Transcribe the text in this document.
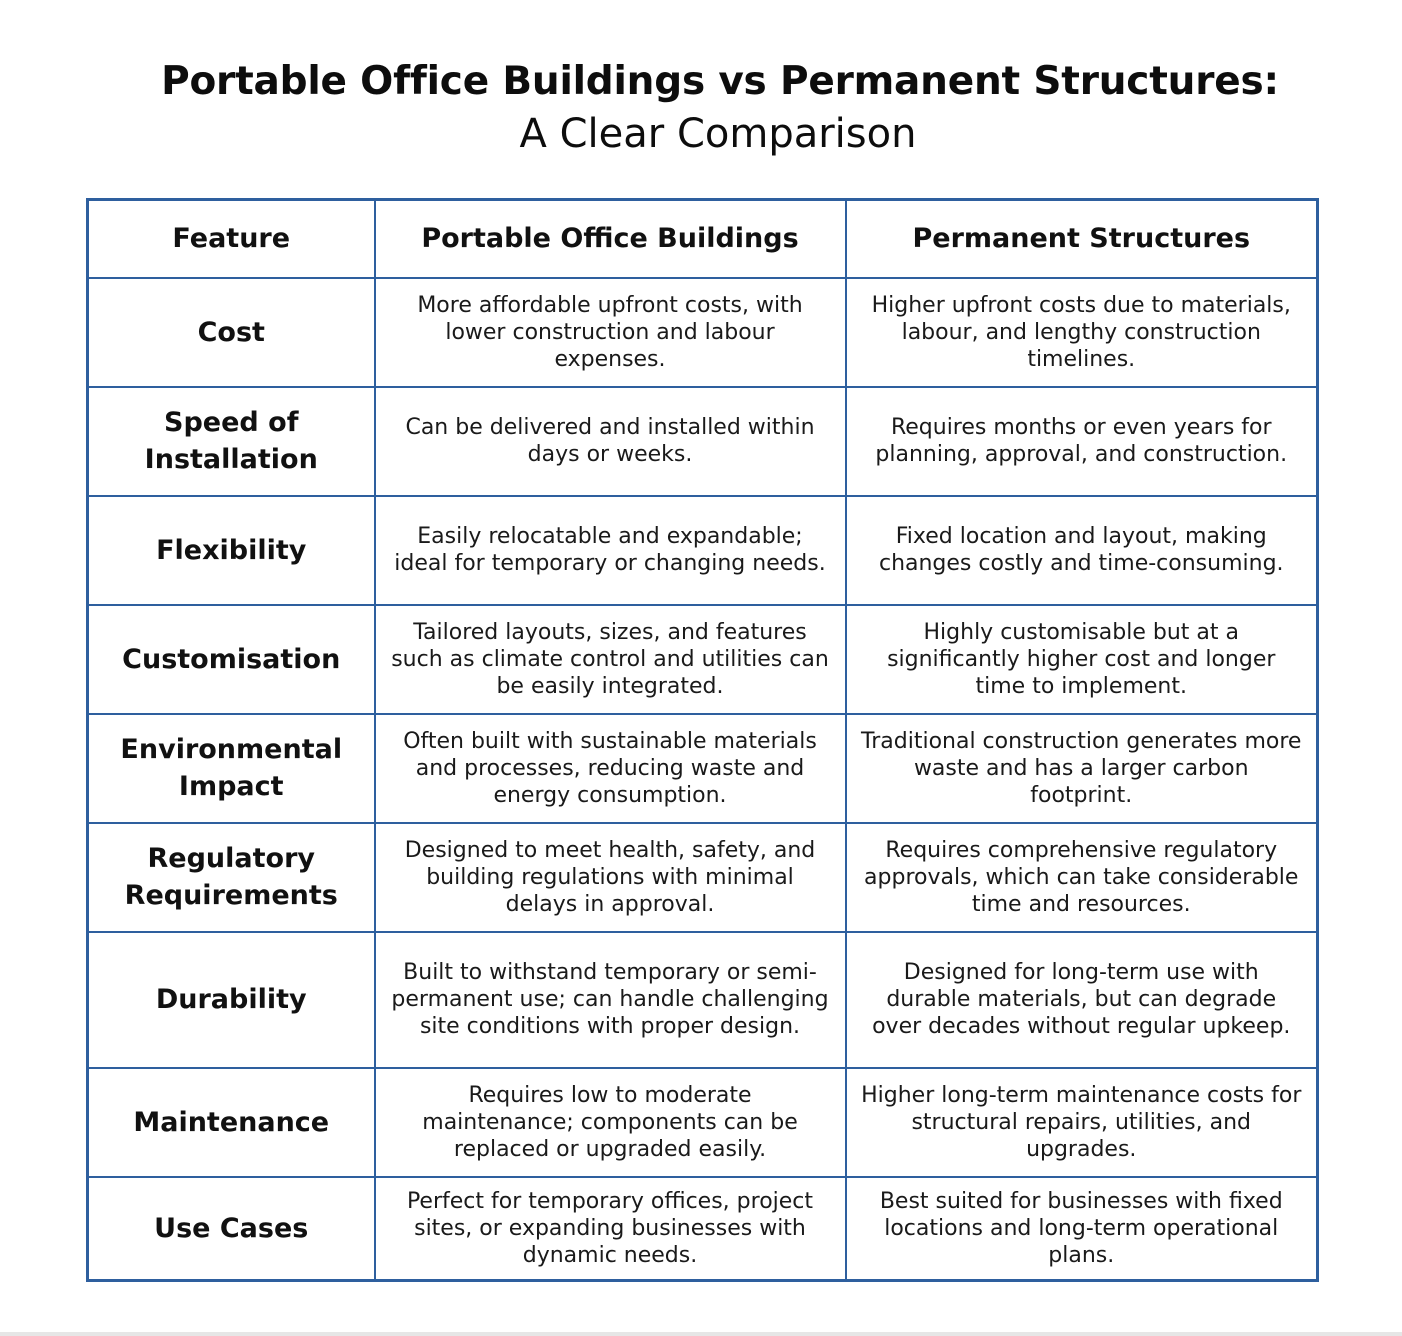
Portable Office Buildings vs Permanent Structures:
A Clear Comparison
Feature	Portable Office Buildings	Permanent Structures
Cost	More affordable upfront costs, with lower construction and labour expenses.	Higher upfront costs due to materials, labour, and lengthy construction timelines.
Speed of Installation	Can be delivered and installed within days or weeks.	Requires months or even years for planning, approval, and construction.
Flexibility	Easily relocatable and expandable; ideal for temporary or changing needs.	Fixed location and layout, making changes costly and time-consuming.
Customisation	Tailored layouts, sizes, and features such as climate control and utilities can be easily integrated.	Highly customisable but at a significantly higher cost and longer time to implement.
Environmental Impact	Often built with sustainable materials and processes, reducing waste and energy consumption.	Traditional construction generates more waste and has a larger carbon footprint.
Regulatory Requirements	Designed to meet health, safety, and building regulations with minimal delays in approval.	Requires comprehensive regulatory approvals, which can take considerable time and resources.
Durability	Built to withstand temporary or semi-permanent use; can handle challenging site conditions with proper design.	Designed for long-term use with durable materials, but can degrade over decades without regular upkeep.
Maintenance	Requires low to moderate maintenance; components can be replaced or upgraded easily.	Higher long-term maintenance costs for structural repairs, utilities, and upgrades.
Use Cases	Perfect for temporary offices, project sites, or expanding businesses with dynamic needs.	Best suited for businesses with fixed locations and long-term operational plans.
